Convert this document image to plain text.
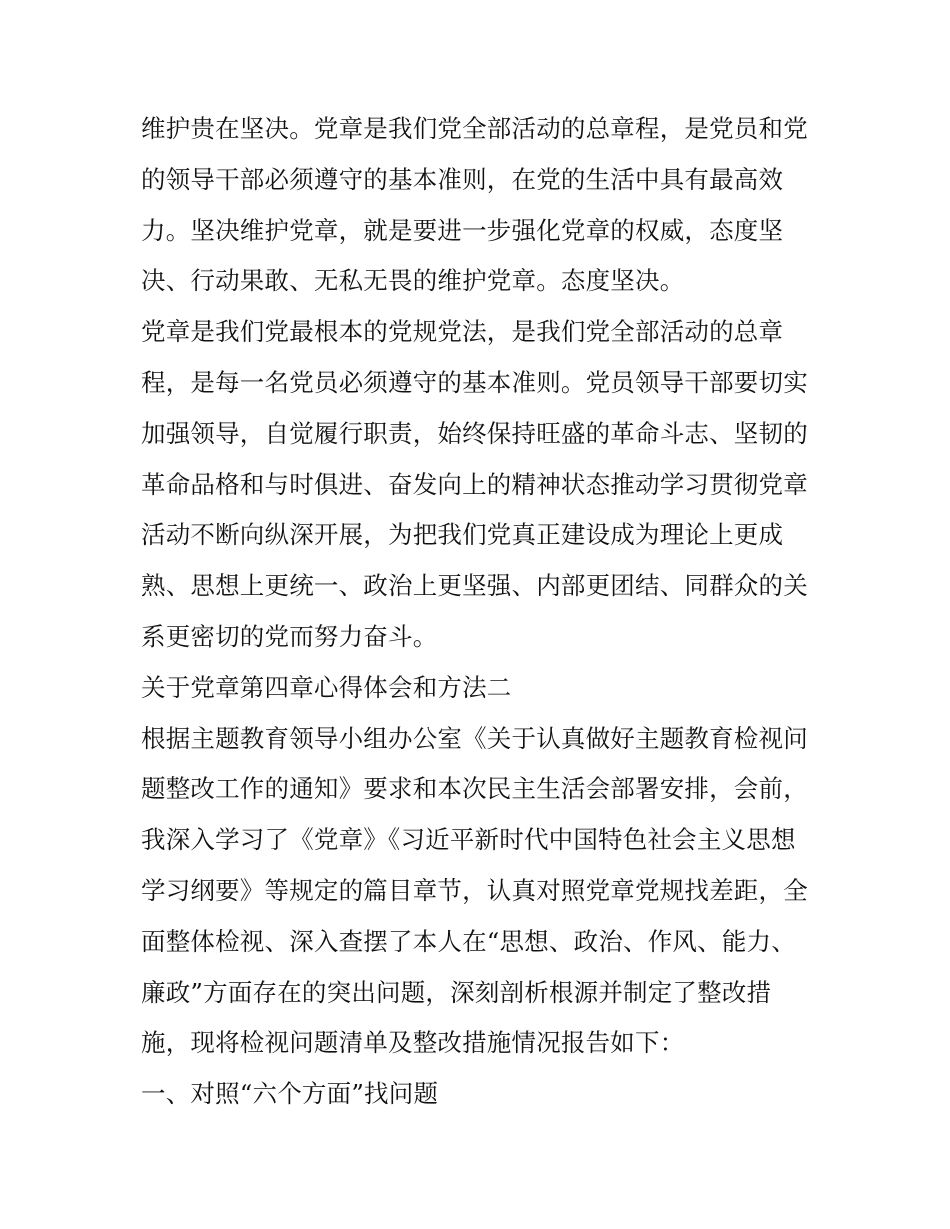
维护贵在坚决。党章是我们党全部活动的总章程，是党员和党
的领导干部必须遵守的基本准则，在党的生活中具有最高效
力。坚决维护党章，就是要进一步强化党章的权威，态度坚
决、行动果敢、无私无畏的维护党章。态度坚决。
党章是我们党最根本的党规党法，是我们党全部活动的总章
程，是每一名党员必须遵守的基本准则。党员领导干部要切实
加强领导，自觉履行职责，始终保持旺盛的革命斗志、坚韧的
革命品格和与时俱进、奋发向上的精神状态推动学习贯彻党章
活动不断向纵深开展，为把我们党真正建设成为理论上更成
熟、思想上更统一、政治上更坚强、内部更团结、同群众的关
系更密切的党而努力奋斗。
关于党章第四章心得体会和方法二
根据主题教育领导小组办公室《关于认真做好主题教育检视问
题整改工作的通知》要求和本次民主生活会部署安排，会前，
我深入学习了《党章》《习近平新时代中国特色社会主义思想
学习纲要》等规定的篇目章节，认真对照党章党规找差距，全
面整体检视、深入查摆了本人在“思想、政治、作风、能力、
廉政”方面存在的突出问题，深刻剖析根源并制定了整改措
施，现将检视问题清单及整改措施情况报告如下：
一、对照“六个方面”找问题
